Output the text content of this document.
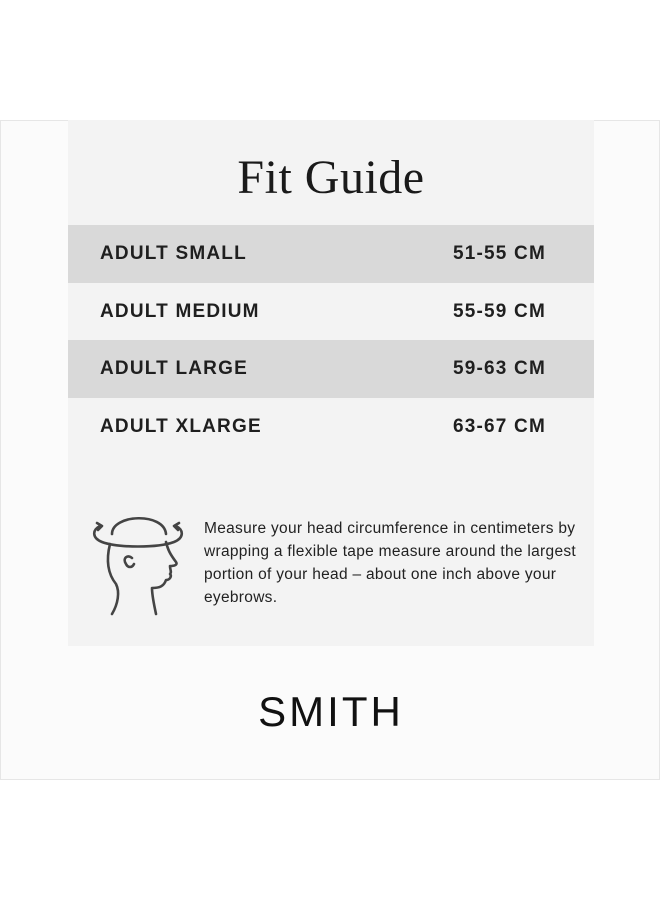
Fit Guide
ADULT SMALL	51-55 CM
ADULT MEDIUM	55-59 CM
ADULT LARGE	59-63 CM
ADULT XLARGE	63-67 CM
Measure your head circumference in centimeters by wrapping a flexible tape measure around the largest portion of your head – about one inch above your eyebrows.
SMITH
